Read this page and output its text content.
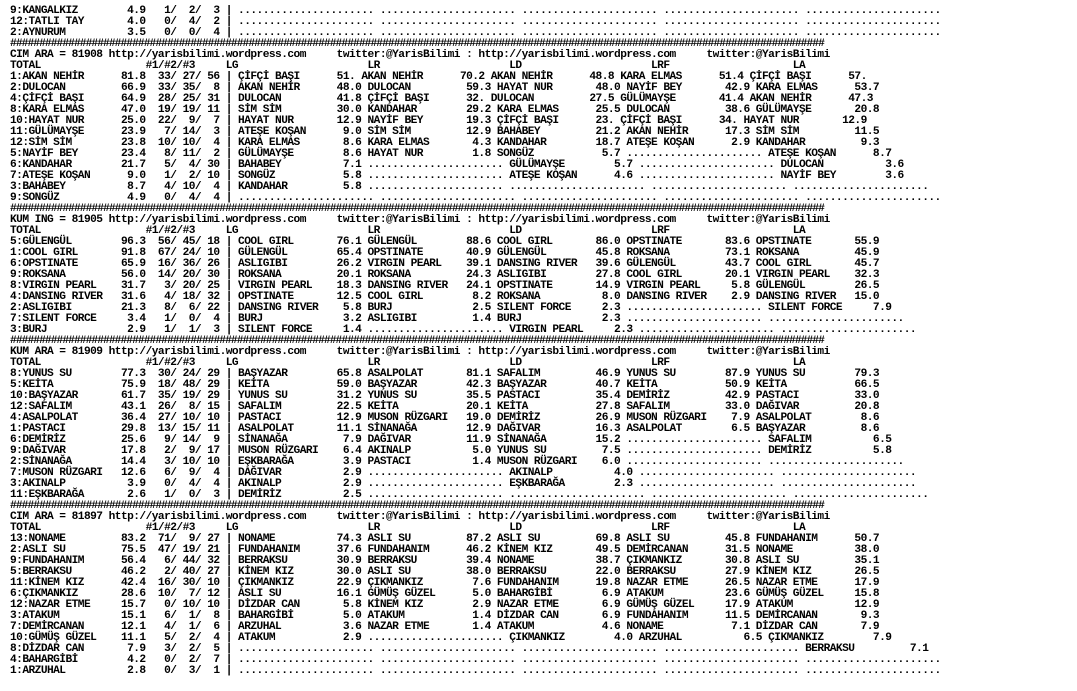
9:KANGALKIZ        4.9   1/  2/  3 | ...................... ...................... ...................... ...................... ......................
12:TATLI TAY       4.0   0/  4/  2 | ...................... ...................... ...................... ...................... ......................
2:AYNURUM          3.5   0/  0/  4 | ...................... ...................... ...................... ...................... ......................
############################################################################################################################################
CIM ARA = 81908 http://yarisbilimi.wordpress.com     twitter:@YarisBilimi : http://yarisbilimi.wordpress.com     twitter:@YarisBilimi
TOTAL                 #1/#2/#3     LG                     LR                     LD                     LRF                    LA
1:AKAN NEHİR      81.8  33/ 27/ 56 | ÇİFÇİ BAŞI      51. AKAN NEHİR      70.2 AKAN NEHİR      48.8 KARA ELMAS      51.4 ÇİFÇİ BAŞI      57.
2:DULOCAN         66.9  33/ 35/  8 | AKAN NEHİR      48.0 DULOCAN         59.3 HAYAT NUR       48.0 NAYİF BEY       42.9 KARA ELMAS      53.7
4:ÇİFÇİ BAŞI      64.9  28/ 25/ 31 | DULOCAN         41.8 ÇİFÇİ BAŞI      32. DULOCAN         27.5 GÜLÜMAYŞE       41.4 AKAN NEHİR      47.3
8:KARA ELMAS      47.0  19/ 19/ 11 | SİM SİM         30.0 KANDAHAR        29.2 KARA ELMAS      25.5 DULOCAN         38.6 GÜLÜMAYŞE       20.8
10:HAYAT NUR      25.0  22/  9/  7 | HAYAT NUR       12.9 NAYİF BEY       19.3 ÇİFÇİ BAŞI      23. ÇİFÇİ BAŞI      34. HAYAT NUR       12.9
11:GÜLÜMAYŞE      23.9   7/ 14/  3 | ATEŞE KOŞAN      9.0 SİM SİM         12.9 BAHABEY         21.2 AKAN NEHİR      17.3 SİM SİM         11.5
12:SİM SİM        23.8  10/ 10/  4 | KARA ELMAS       8.6 KARA ELMAS       4.3 KANDAHAR        18.7 ATEŞE KOŞAN      2.9 KANDAHAR         9.3
5:NAYİF BEY       23.4   8/ 11/  2 | GÜLÜMAYŞE        8.6 HAYAT NUR        1.8 SONGÜZ           5.7 ...................... ATEŞE KOŞAN      8.7
6:KANDAHAR        21.7   5/  4/ 30 | BAHABEY          7.1 ...................... GÜLÜMAYŞE        5.7 ...................... DULOCAN          3.6
7:ATEŞE KOŞAN      9.0   1/  2/ 10 | SONGÜZ           5.8 ...................... ATEŞE KOŞAN      4.6 ...................... NAYİF BEY        3.6
3:BAHABEY          8.7   4/ 10/  4 | KANDAHAR         5.8 ...................... ...................... ...................... ......................
9:SONGÜZ           4.9   0/  4/  4 | ...................... ...................... ...................... ...................... ......................
############################################################################################################################################
KUM ING = 81905 http://yarisbilimi.wordpress.com     twitter:@YarisBilimi : http://yarisbilimi.wordpress.com     twitter:@YarisBilimi
TOTAL                 #1/#2/#3     LG                     LR                     LD                     LRF                    LA
5:GÜLENGÜL        96.3  56/ 45/ 18 | COOL GIRL       76.1 GÜLENGÜL        88.6 COOL GIRL       86.0 OPSTINATE       83.6 OPSTINATE       55.9
1:COOL GIRL       91.8  67/ 24/ 10 | GÜLENGÜL        65.4 OPSTINATE       40.9 GÜLENGÜL        45.8 ROKSANA         73.1 ROKSANA         45.9
6:OPSTINATE       65.9  16/ 36/ 26 | ASLIGIBI        26.2 VIRGIN PEARL    39.1 DANSING RIVER   39.6 GÜLENGÜL        43.7 COOL GIRL       45.7
9:ROKSANA         56.0  14/ 20/ 30 | ROKSANA         20.1 ROKSANA         24.3 ASLIGIBI        27.8 COOL GIRL       20.1 VIRGIN PEARL    32.3
8:VIRGIN PEARL    31.7   3/ 20/ 25 | VIRGIN PEARL    18.3 DANSING RIVER   24.1 OPSTINATE       14.9 VIRGIN PEARL     5.8 GÜLENGÜL        26.5
4:DANSING RIVER   31.6   4/ 18/ 32 | OPSTINATE       12.5 COOL GIRL        8.2 ROKSANA          8.0 DANSING RIVER    2.9 DANSING RIVER   15.0
2:ASLIGIBI        21.3   8/  6/ 22 | DANSING RIVER    5.8 BURJ             2.5 SILENT FORCE     2.3 ...................... SILENT FORCE     7.9
7:SILENT FORCE     3.4   1/  0/  4 | BURJ             3.2 ASLIGIBI         1.4 BURJ             2.3 ...................... ......................
3:BURJ             2.9   1/  1/  3 | SILENT FORCE     1.4 ...................... VIRGIN PEARL     2.3 ...................... ......................
############################################################################################################################################
KUM ARA = 81909 http://yarisbilimi.wordpress.com     twitter:@YarisBilimi : http://yarisbilimi.wordpress.com     twitter:@YarisBilimi
TOTAL                 #1/#2/#3     LG                     LR                     LD                     LRF                    LA
8:YUNUS SU        77.3  30/ 24/ 29 | BAŞYAZAR        65.8 ASALPOLAT       81.1 SAFALIM         46.9 YUNUS SU        87.9 YUNUS SU        79.3
5:KEİTA           75.9  18/ 48/ 29 | KEİTA           59.0 BAŞYAZAR        42.3 BAŞYAZAR        40.7 KEİTA           50.9 KEİTA           66.5
10:BAŞYAZAR       61.7  35/ 19/ 29 | YUNUS SU        31.2 YUNUS SU        35.5 PASTACI         35.4 DEMİRİZ         42.9 PASTACI         33.0
12:SAFALIM        43.1  26/  8/ 15 | SAFALIM         22.5 KEİTA           20.1 KEİTA           27.8 SAFALIM         33.0 DAĞIVAR         20.8
4:ASALPOLAT       36.4  27/ 10/ 10 | PASTACI         12.9 MUSON RÜZGARI   19.0 DEMİRİZ         26.9 MUSON RÜZGARI    7.9 ASALPOLAT        8.6
1:PASTACI         29.8  13/ 15/ 11 | ASALPOLAT       11.1 SİNANAĞA        12.9 DAĞIVAR         16.3 ASALPOLAT        6.5 BAŞYAZAR         8.6
6:DEMİRİZ         25.6   9/ 14/  9 | SİNANAĞA         7.9 DAĞIVAR         11.9 SİNANAĞA        15.2 ...................... SAFALIM          6.5
9:DAĞIVAR         17.8   2/  9/ 17 | MUSON RÜZGARI    6.4 AKINALP          5.0 YUNUS SU         7.5 ...................... DEMİRİZ          5.8
2:SİNANAĞA        14.4   3/ 10/ 10 | EŞKBARAĞA        3.9 PASTACI          1.4 MUSON RÜZGARI    6.0 ...................... ......................
7:MUSON RÜZGARI   12.6   6/  9/  4 | DAĞIVAR          2.9 ...................... AKINALP          4.0 ...................... ......................
3:AKINALP          3.9   0/  4/  4 | AKINALP          2.9 ...................... EŞKBARAĞA        2.3 ...................... ......................
11:EŞKBARAĞA       2.6   1/  0/  3 | DEMİRİZ          2.5 ...................... ...................... ...................... ......................
############################################################################################################################################
CIM ARA = 81897 http://yarisbilimi.wordpress.com     twitter:@YarisBilimi : http://yarisbilimi.wordpress.com     twitter:@YarisBilimi
TOTAL                 #1/#2/#3     LG                     LR                     LD                     LRF                    LA
13:NONAME         83.2  71/  9/ 27 | NONAME          74.3 ASLI SU         87.2 ASLI SU         69.8 ASLI SU         45.8 FUNDAHANIM      50.7
2:ASLI SU         75.5  47/ 19/ 21 | FUNDAHANIM      37.6 FUNDAHANIM      46.2 KİNEM KIZ       49.5 DEMİRCANAN      31.5 NONAME          38.0
9:FUNDAHANIM      56.4   6/ 44/ 32 | BERRAKSU        30.9 BERRAKSU        39.4 NONAME          38.7 ÇIKMANKIZ       30.8 ASLI SU         35.1
5:BERRAKSU        46.2   2/ 40/ 27 | KİNEM KIZ       30.0 ASLI SU         38.0 BERRAKSU        22.0 BERRAKSU        27.9 KİNEM KIZ       26.5
11:KİNEM KIZ      42.4  16/ 30/ 10 | ÇIKMANKIZ       22.9 ÇIKMANKIZ        7.6 FUNDAHANIM      19.8 NAZAR ETME      26.5 NAZAR ETME      17.9
6:ÇIKMANKIZ       28.6  10/  7/ 12 | ASLI SU         16.1 GÜMÜŞ GÜZEL      5.0 BAHARGİBİ        6.9 ATAKUM          23.6 GÜMÜŞ GÜZEL     15.8
12:NAZAR ETME     15.7   0/ 10/ 10 | DİZDAR CAN       5.8 KİNEM KIZ        2.9 NAZAR ETME       6.9 GÜMÜŞ GÜZEL     17.9 ATAKUM          12.9
3:ATAKUM          15.1   6/  1/  8 | BAHARGİBİ        5.0 ATAKUM           1.4 DİZDAR CAN       6.9 FUNDAHANIM      11.5 DEMİRCANAN       9.3
7:DEMİRCANAN      12.1   4/  1/  6 | ARZUHAL          3.6 NAZAR ETME       1.4 ATAKUM           4.6 NONAME           7.1 DİZDAR CAN       7.9
10:GÜMÜŞ GÜZEL    11.1   5/  2/  4 | ATAKUM           2.9 ...................... ÇIKMANKIZ        4.0 ARZUHAL          6.5 ÇIKMANKIZ        7.9
8:DİZDAR CAN       7.9   3/  2/  5 | ...................... ...................... ...................... ...................... BERRAKSU         7.1
4:BAHARGİBİ        4.2   0/  2/  7 | ...................... ...................... ...................... ...................... ......................
1:ARZUHAL          2.8   0/  3/  1 | ...................... ...................... ...................... ...................... ......................
